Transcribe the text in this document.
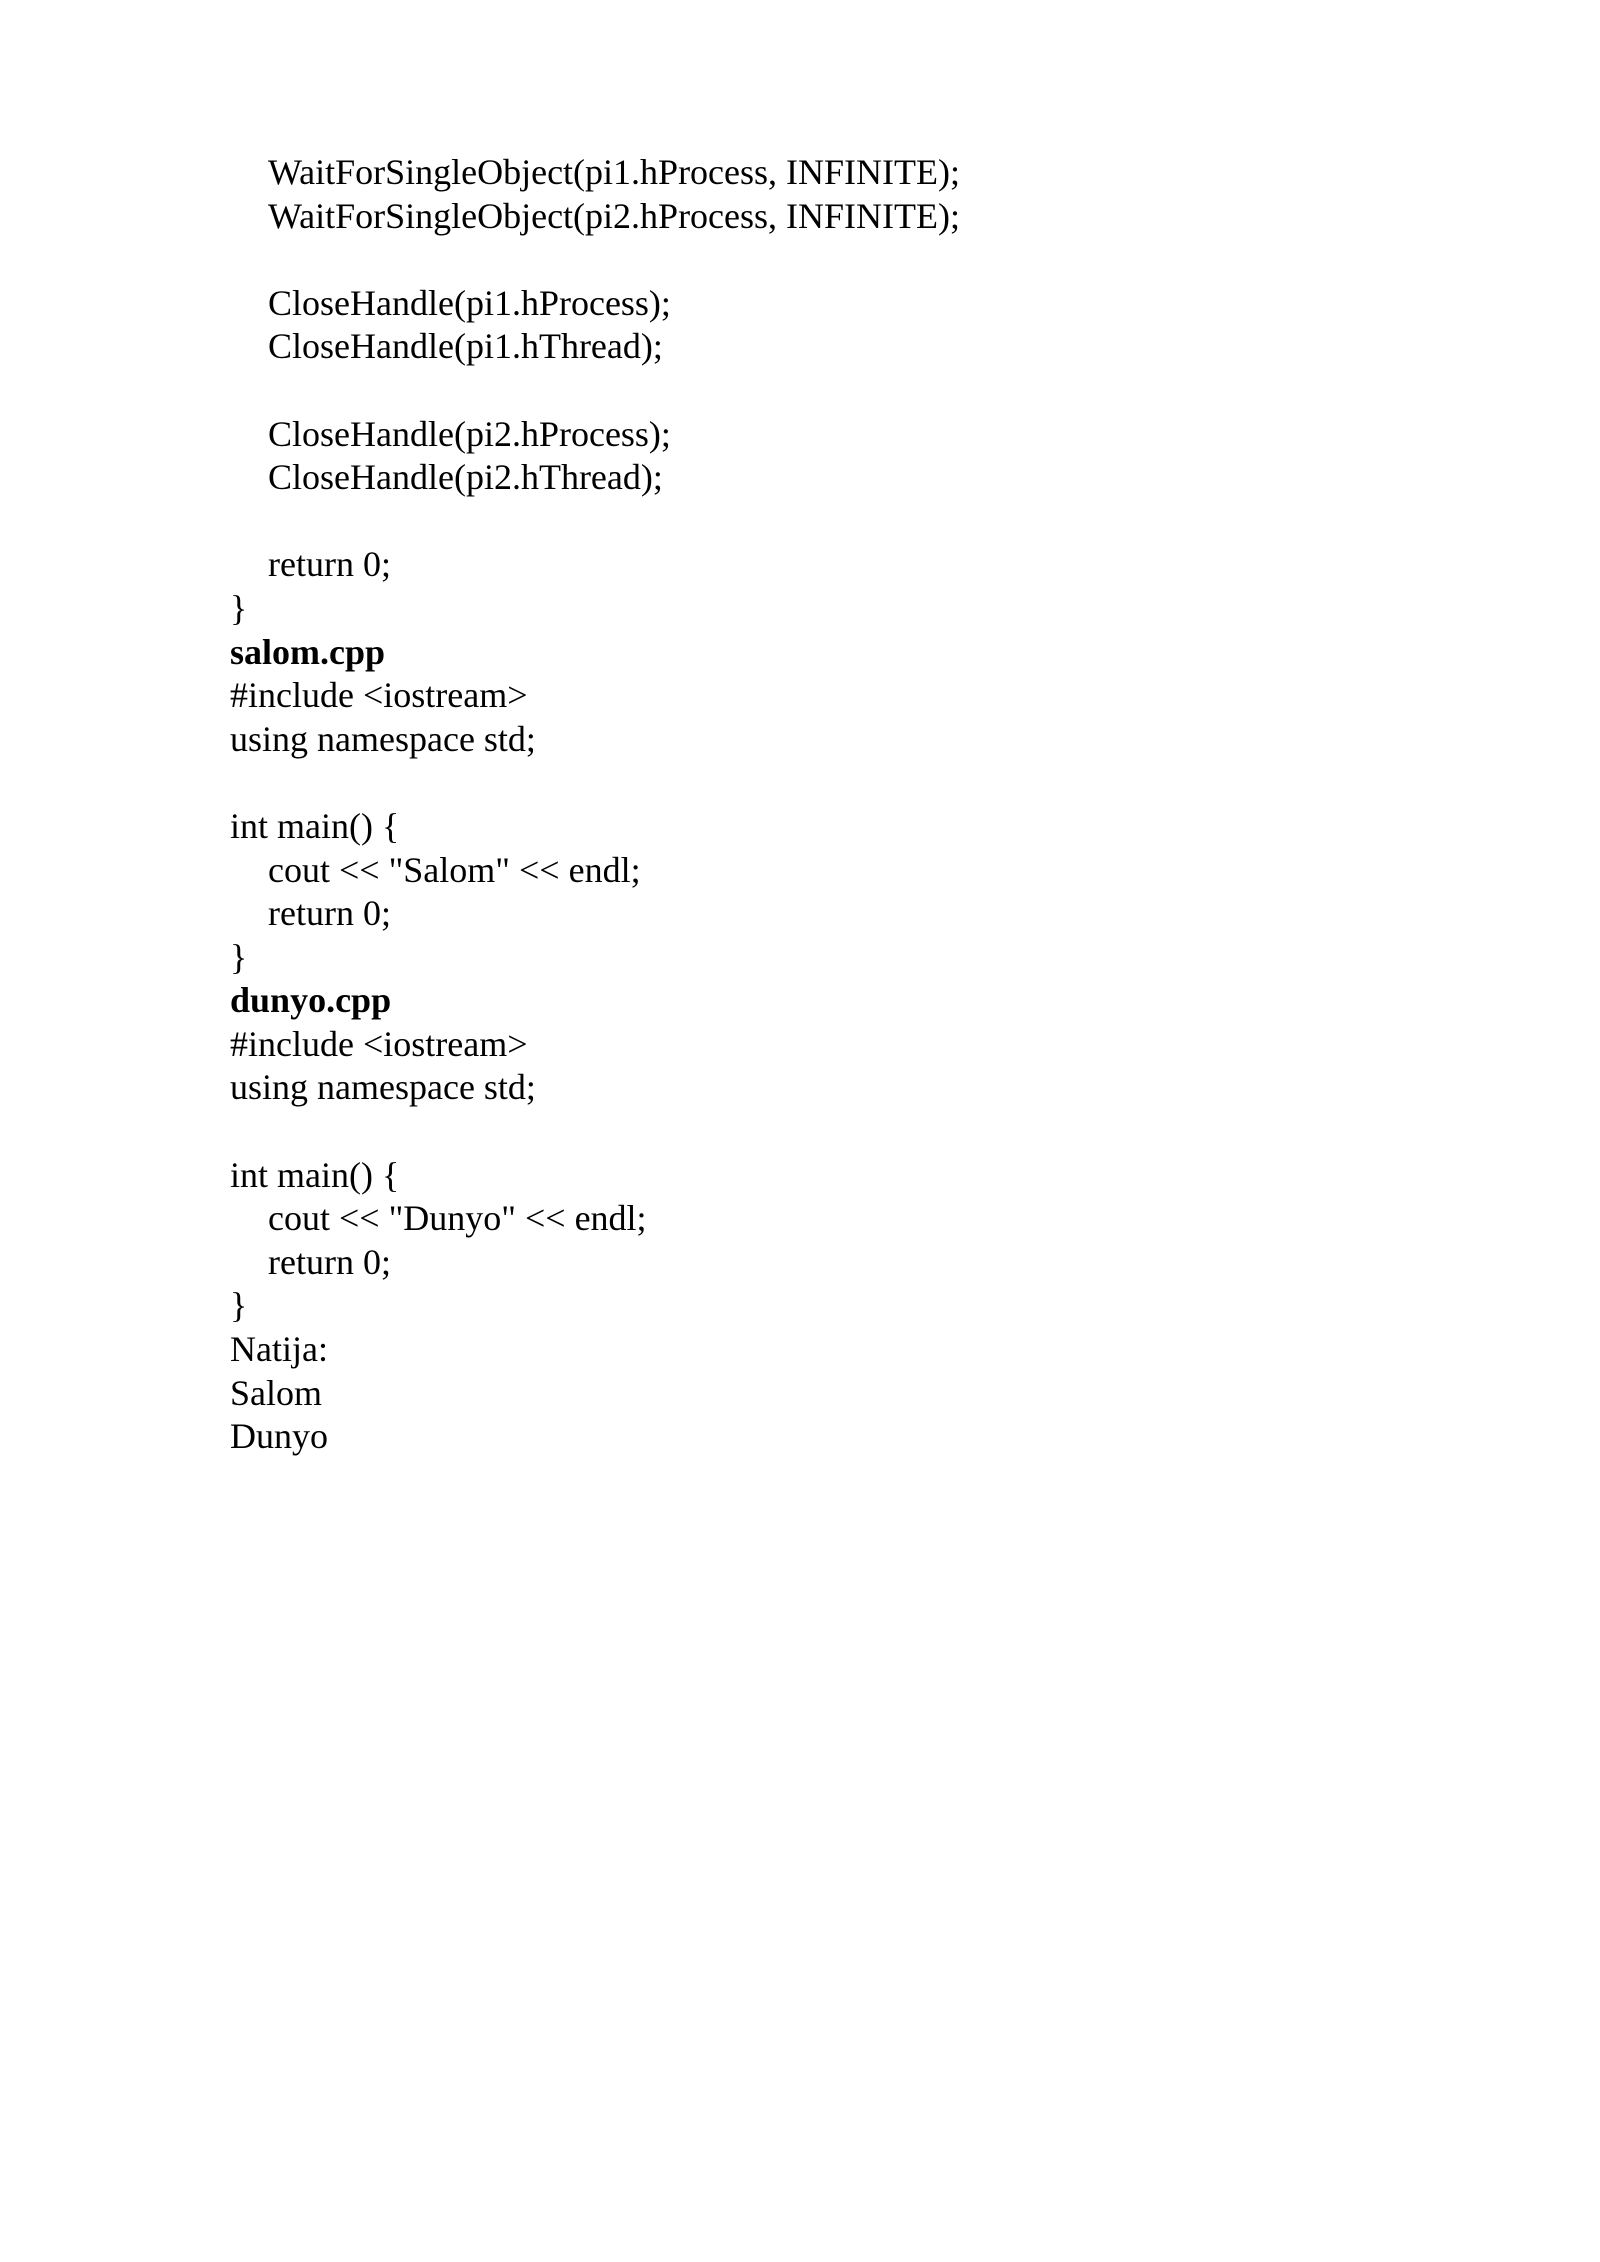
WaitForSingleObject(pi1.hProcess, INFINITE);
WaitForSingleObject(pi2.hProcess, INFINITE);
CloseHandle(pi1.hProcess);
CloseHandle(pi1.hThread);
CloseHandle(pi2.hProcess);
CloseHandle(pi2.hThread);
return 0;
}
salom.cpp
#include <iostream>
using namespace std;
int main() {
cout << "Salom" << endl;
return 0;
}
dunyo.cpp
#include <iostream>
using namespace std;
int main() {
cout << "Dunyo" << endl;
return 0;
}
Natija:
Salom
Dunyo
